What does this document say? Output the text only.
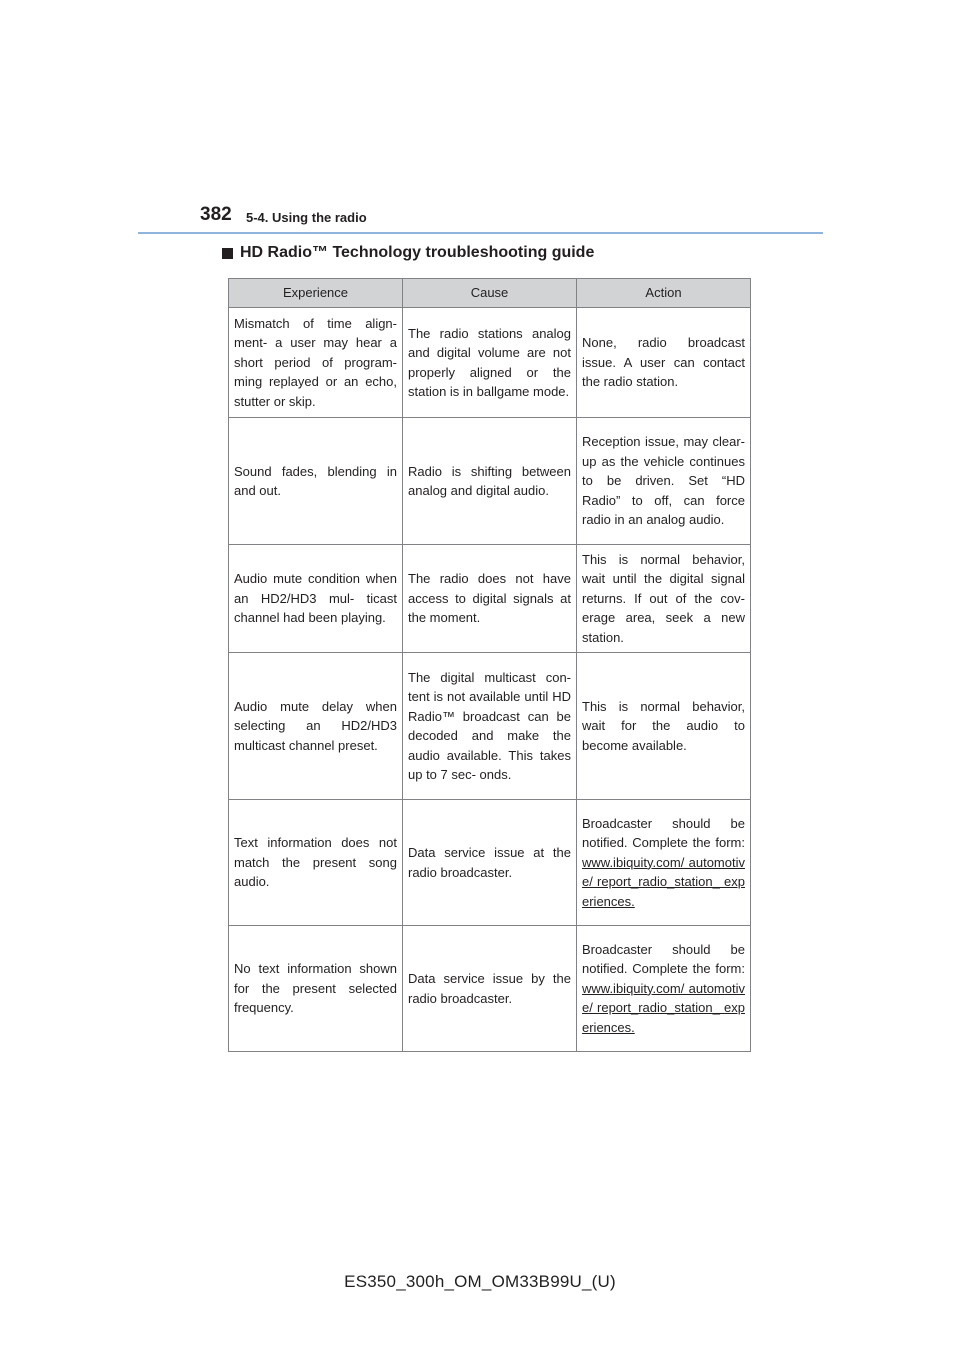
382 5-4. Using the radio
HD Radio™ Technology troubleshooting guide
Experience	Cause	Action
Mismatch of time align- ment- a user may hear a short period of program- ming replayed or an echo, stutter or skip.	The radio stations analog and digital volume are not properly aligned or the station is in ballgame mode.	None, radio broadcast issue. A user can contact the radio station.
Sound fades, blending in and out.	Radio is shifting between analog and digital audio.	Reception issue, may clear-up as the vehicle continues to be driven. Set “HD Radio” to off, can force radio in an analog audio.
Audio mute condition when an HD2/HD3 mul- ticast channel had been playing.	The radio does not have access to digital signals at the moment.	This is normal behavior, wait until the digital signal returns. If out of the cov- erage area, seek a new station.
Audio mute delay when selecting an HD2/HD3 multicast channel preset.	The digital multicast con- tent is not available until HD Radio™ broadcast can be decoded and make the audio available. This takes up to 7 sec- onds.	This is normal behavior, wait for the audio to become available.
Text information does not match the present song audio.	Data service issue at the radio broadcaster.	Broadcaster should be notified. Complete the form: www.ibiquity.com/ automotive/ report_radio_station_ experiences.
No text information shown for the present selected frequency.	Data service issue by the radio broadcaster.	Broadcaster should be notified. Complete the form: www.ibiquity.com/ automotive/ report_radio_station_ experiences.
ES350_300h_OM_OM33B99U_(U)
